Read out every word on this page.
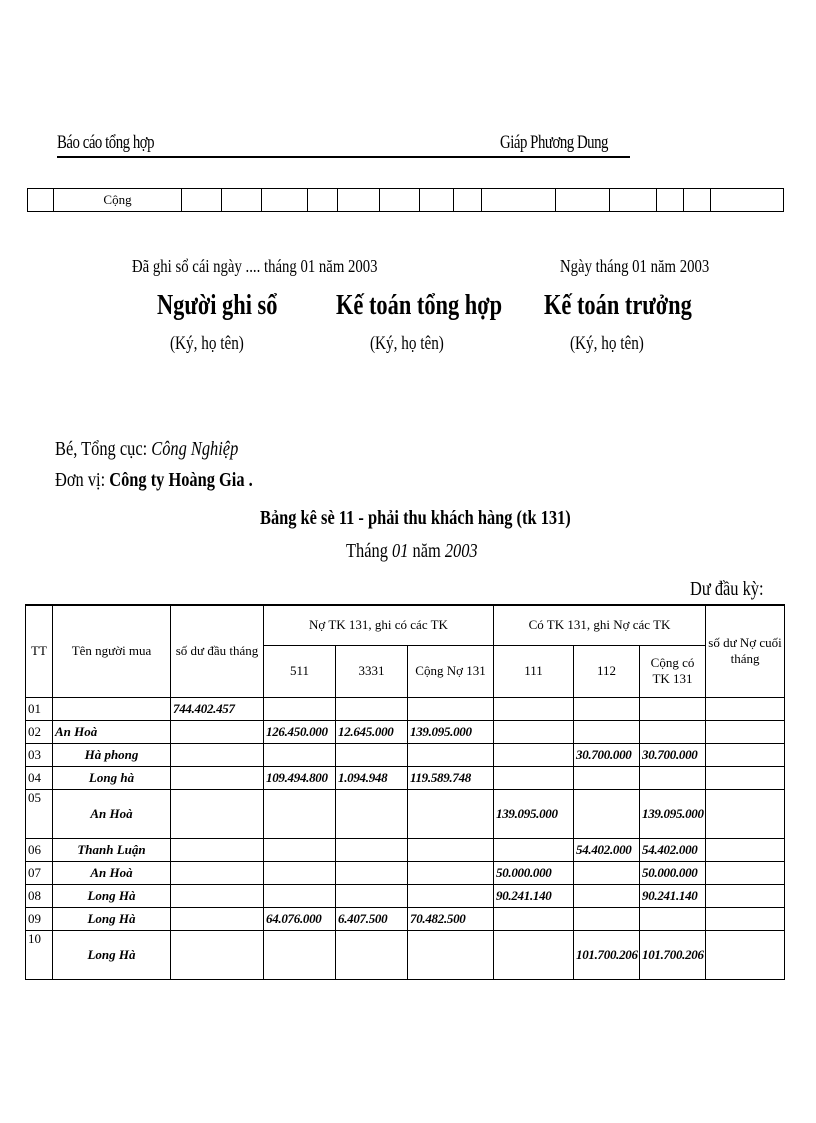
Báo cáo tổng hợp	Giáp Phương Dung
	Cộng														
Đã ghi sổ cái ngày .... tháng 01 năm 2003	Ngày tháng 01 năm 2003
Người ghi sổ Kế toán tổng hợp Kế toán trưởng
(Ký, họ tên)	(Ký, họ tên)	(Ký, họ tên)
Bé, Tổng cục: Công Nghiệp
Đơn vị: Công ty Hoàng Gia .
Bảng kê sè 11 - phải thu khách hàng (tk 131)
Tháng 01 năm 2003
Dư đầu kỳ:
TT	Tên người mua	số dư đầu tháng	Nợ TK 131, ghi có các TK			Có TK 131, ghi Nợ các TK			số dư Nợ cuối tháng
			511	3331	Cộng Nợ 131	111	112	Cộng có TK 131	
01		744.402.457							
02	An Hoà		126.450.000	12.645.000	139.095.000				
03	Hà phong						30.700.000	30.700.000	
04	Long hà		109.494.800	1.094.948	119.589.748				
05	An Hoà					139.095.000		139.095.000	
06	Thanh Luận						54.402.000	54.402.000	
07	An Hoà					50.000.000		50.000.000	
08	Long Hà					90.241.140		90.241.140	
09	Long Hà		64.076.000	6.407.500	70.482.500				
10	Long Hà						101.700.206	101.700.206	
